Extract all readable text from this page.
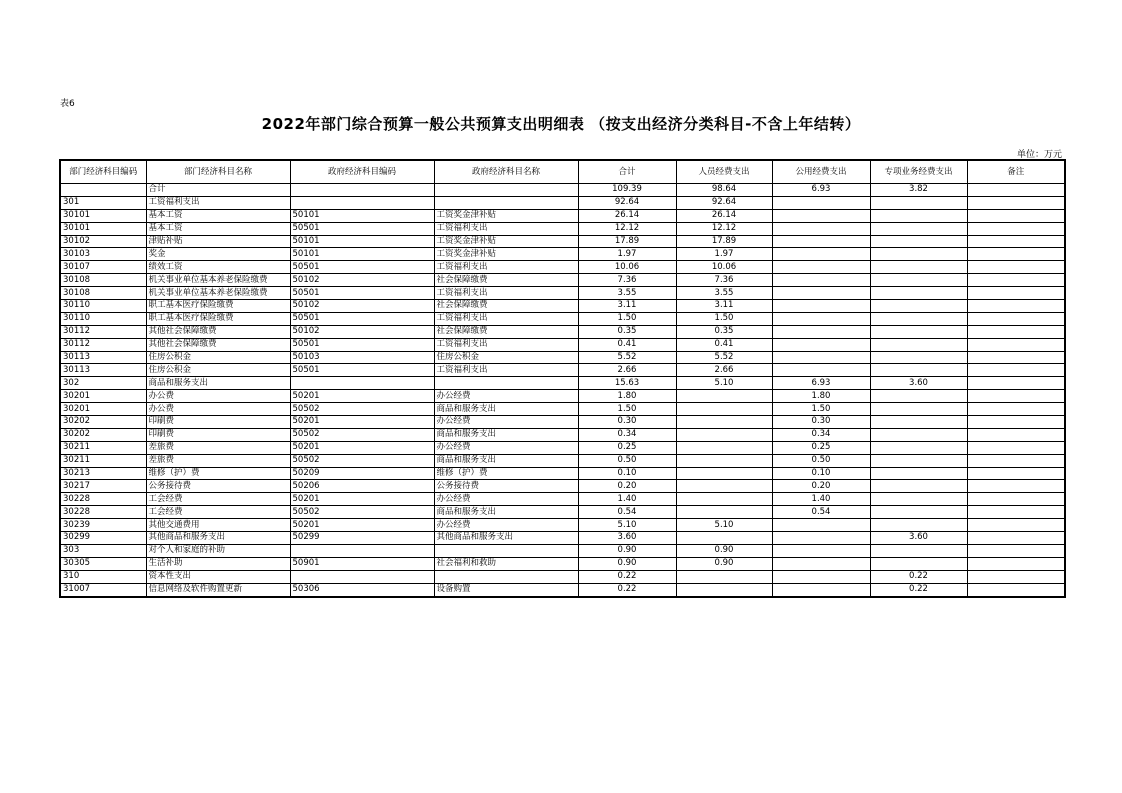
表6
2022年部门综合预算一般公共预算支出明细表 （按支出经济分类科目-不含上年结转）
单位：万元
部门经济科目编码	部门经济科目名称	政府经济科目编码	政府经济科目名称	合计	人员经费支出	公用经费支出	专项业务经费支出	备注
	合计			109.39	98.64	6.93	3.82	
301	工资福利支出			92.64	92.64			
30101	基本工资	50101	工资奖金津补贴	26.14	26.14			
30101	基本工资	50501	工资福利支出	12.12	12.12			
30102	津贴补贴	50101	工资奖金津补贴	17.89	17.89			
30103	奖金	50101	工资奖金津补贴	1.97	1.97			
30107	绩效工资	50501	工资福利支出	10.06	10.06			
30108	机关事业单位基本养老保险缴费	50102	社会保障缴费	7.36	7.36			
30108	机关事业单位基本养老保险缴费	50501	工资福利支出	3.55	3.55			
30110	职工基本医疗保险缴费	50102	社会保障缴费	3.11	3.11			
30110	职工基本医疗保险缴费	50501	工资福利支出	1.50	1.50			
30112	其他社会保障缴费	50102	社会保障缴费	0.35	0.35			
30112	其他社会保障缴费	50501	工资福利支出	0.41	0.41			
30113	住房公积金	50103	住房公积金	5.52	5.52			
30113	住房公积金	50501	工资福利支出	2.66	2.66			
302	商品和服务支出			15.63	5.10	6.93	3.60	
30201	办公费	50201	办公经费	1.80		1.80		
30201	办公费	50502	商品和服务支出	1.50		1.50		
30202	印刷费	50201	办公经费	0.30		0.30		
30202	印刷费	50502	商品和服务支出	0.34		0.34		
30211	差旅费	50201	办公经费	0.25		0.25		
30211	差旅费	50502	商品和服务支出	0.50		0.50		
30213	维修（护）费	50209	维修（护）费	0.10		0.10		
30217	公务接待费	50206	公务接待费	0.20		0.20		
30228	工会经费	50201	办公经费	1.40		1.40		
30228	工会经费	50502	商品和服务支出	0.54		0.54		
30239	其他交通费用	50201	办公经费	5.10	5.10			
30299	其他商品和服务支出	50299	其他商品和服务支出	3.60			3.60	
303	对个人和家庭的补助			0.90	0.90			
30305	生活补助	50901	社会福利和救助	0.90	0.90			
310	资本性支出			0.22			0.22	
31007	信息网络及软件购置更新	50306	设备购置	0.22			0.22	
